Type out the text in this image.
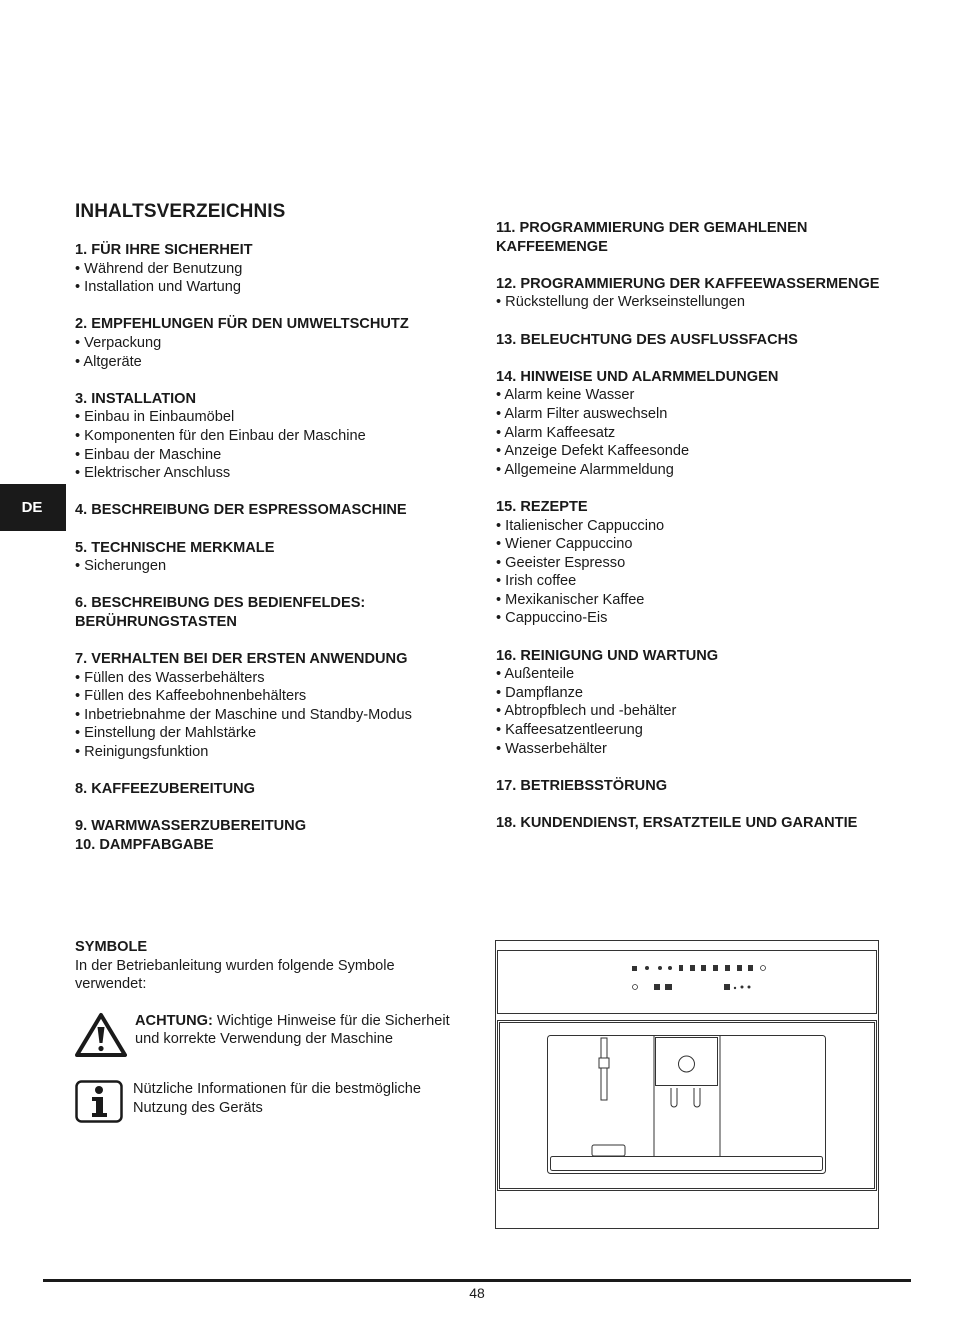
INHALTSVERZEICHNIS
1. FÜR IHRE SICHERHEIT
• Während der Benutzung
• Installation und Wartung
2. EMPFEHLUNGEN FÜR DEN UMWELTSCHUTZ
• Verpackung
• Altgeräte
3. INSTALLATION
• Einbau in Einbaumöbel
• Komponenten für den Einbau der Maschine
• Einbau der Maschine
• Elektrischer Anschluss
4. BESCHREIBUNG DER ESPRESSOMASCHINE
5. TECHNISCHE MERKMALE
• Sicherungen
6. BESCHREIBUNG DES BEDIENFELDES: BERÜHRUNGSTASTEN
7. VERHALTEN BEI DER ERSTEN ANWENDUNG
• Füllen des Wasserbehälters
• Füllen des Kaffeebohnenbehälters
• Inbetriebnahme der Maschine und Standby-Modus
• Einstellung der Mahlstärke
• Reinigungsfunktion
8. KAFFEEZUBEREITUNG
9. WARMWASSERZUBEREITUNG
10. DAMPFABGABE
11. PROGRAMMIERUNG DER GEMAHLENEN KAFFEEMENGE
12. PROGRAMMIERUNG DER KAFFEEWASSERMENGE
• Rückstellung der Werkseinstellungen
13. BELEUCHTUNG DES AUSFLUSSFACHS
14. HINWEISE UND ALARMMELDUNGEN
• Alarm keine Wasser
• Alarm Filter auswechseln
• Alarm Kaffeesatz
• Anzeige Defekt Kaffeesonde
• Allgemeine Alarmmeldung
15. REZEPTE
• Italienischer Cappuccino
• Wiener Cappuccino
• Geeister Espresso
• Irish coffee
• Mexikanischer Kaffee
• Cappuccino-Eis
16. REINIGUNG UND WARTUNG
• Außenteile
• Dampflanze
• Abtropfblech und -behälter
• Kaffeesatzentleerung
• Wasserbehälter
17. BETRIEBSSTÖRUNG
18. KUNDENDIENST, ERSATZTEILE UND GARANTIE
DE
SYMBOLE
In der Betriebanleitung wurden folgende Symbole verwendet:
ACHTUNG: Wichtige Hinweise für die Sicherheit und korrekte Verwendung der Maschine
Nützliche Informationen für die bestmögliche Nutzung des Geräts
48
